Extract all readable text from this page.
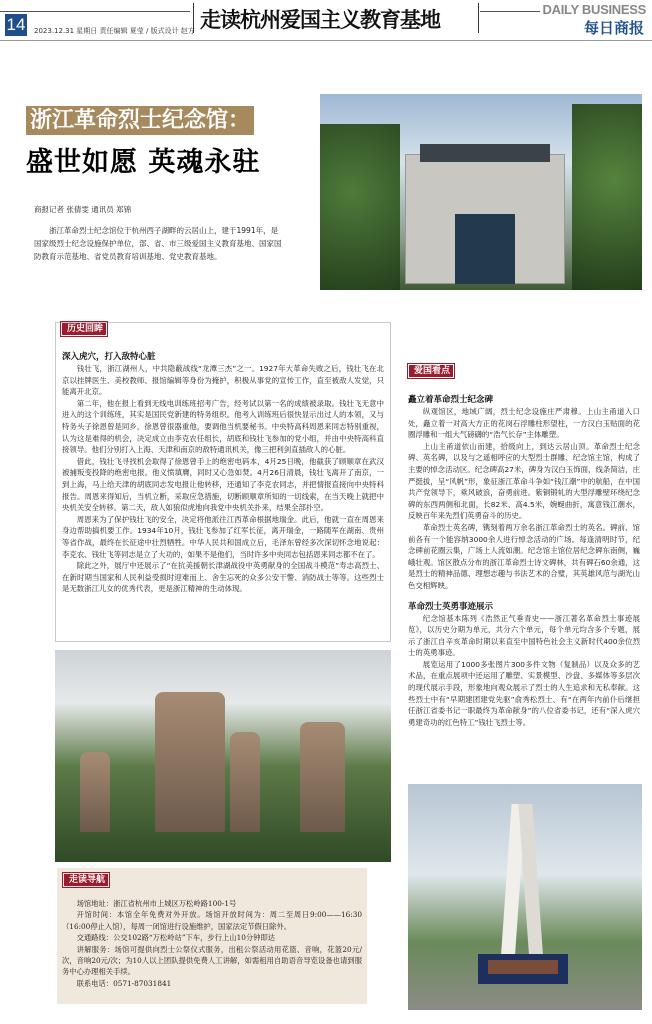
14 2023.12.31 星期日 责任编辑 夏莹 / 版式设计 赵方 走读杭州爱国主义教育基地	DAILY BUSINESS
每日商报
浙江革命烈士纪念馆：
盛世如愿 英魂永驻
商报记者 张倩雯 通讯员 郑锦
浙江革命烈士纪念馆位于杭州西子湖畔的云居山上，建于1991年，是国家级烈士纪念设施保护单位，部、省、市三级爱国主义教育基地、国家国防教育示范基地、省党员教育培训基地、党史教育基地。
历史回眸
深入虎穴，打入敌特心脏

钱壮飞，浙江湖州人，中共隐蔽战线“龙潭三杰”之一。1927年大革命失败之后，钱壮飞在北京以挂牌医生、美校教师、报馆编辑等身份为掩护，积极从事党的宣传工作，直至被敌人发觉，只能离开北京。

第二年，他在报上看到无线电训练班招考广告，经考试以第一名的成绩被录取。钱壮飞无意中进入的这个训练班，其实是国民党新建的特务组织。他考入训练班后很快显示出过人的本领，又与特务头子徐恩曾是同乡，徐恩曾很器重他，要调他当机要秘书。中央特高科周恩来同志特别重视，认为这是难得的机会，决定成立由李克农任组长，胡底和钱壮飞参加的党小组，并由中央特高科直接领导。他们分别打入上海、天津和南京的敌特通讯机关，像三把利剑直插敌人的心脏。

借此，钱壮飞寻找机会取得了徐恩曾手上的绝密电码本，4月25日晚，他截获了顾顺章在武汉被捕叛变投降的绝密电报。他义愤填膺，同时又心急如焚。4月26日清晨，钱壮飞离开了南京，一到上海，马上给天津的胡底同志发电报让他转移，还通知了李克农同志，并把情报直接向中央特科报告。周恩来得知后，当机立断，采取应急措施，切断顾顺章所知的一切线索，在当天晚上就把中央机关安全转移。第二天，敌人如狼似虎地向我党中央机关扑来，结果全部扑空。

周恩来为了保护钱壮飞的安全，决定将他派往江西革命根据地瑞金。此后，他就一直在周恩来身边帮助搞机要工作。1934年10月，钱壮飞参加了红军长征，离开瑞金，一路随军在湖南、贵州等省作战，最终在长征途中壮烈牺牲。中华人民共和国成立后，毛泽东曾经多次深切怀念地说起：李克农、钱壮飞等同志是立了大功的，如果不是他们，当时许多中央同志包括恩来同志都不在了。

除此之外，展厅中还展示了“在抗美援朝长津湖战役中英勇献身的全国战斗模范”寿志高烈士、在新时期当国家和人民利益受损时迎难而上、舍生忘死的众多公安干警、消防战士等等。这些烈士是无数浙江儿女的优秀代表，更是浙江精神的生动体现。

走读导航

场馆地址：浙江省杭州市上城区万松岭路100-1号

开馆时间：本馆全年免费对外开放。场馆开放时间为：周二至周日9:00——16:30（16:00停止入馆），每周一闭馆进行设施维护，国家法定节假日除外。

交通路线：公交102路“万松岭站”下车，步行上山10分钟即达

讲解服务：场馆可提供向烈士公祭仪式服务，出租公祭活动用花篮、音响，花篮20元/次，音响20元/次；为10人以上团队提供免费人工讲解，如需租用自助语音导览设备也请到服务中心办理相关手续。

联系电话：0571-87031841

爱国看点
矗立着革命烈士纪念碑

纵观馆区，地域广阔，烈士纪念设施庄严肃穆。上山主甬道入口处，矗立着一对高大方正的花岗石浮雕柱形望柱，一方汉白玉贴面的花圈浮雕和一组大气磅礴的“浩气长存”主体雕塑。

上山主甬道依山而建，拾级向上，到达云居山顶。革命烈士纪念碑、英名碑，以及与之遥相呼应的大型烈士群雕、纪念馆主馆，构成了主要的悼念活动区。纪念碑高27米，碑身为汉白玉饰面，线条简洁，庄严挺拔，呈“风帆”形，象征浙江革命斗争如“钱江潮”中的航船，在中国共产党领导下，乘风破浪，奋勇前进。紫铜锻轧的大型浮雕壁环绕纪念碑的东西两侧和北面，长82米、高4.5米，婉蜒曲折，寓意钱江潮水，反映百年来先烈们英勇奋斗的历史。

革命烈士英名碑，镌刻着两万余名浙江革命烈士的英名。碑前、馆前各有一个能容纳3000余人进行悼念活动的广场。每逢清明时节，纪念碑前花圈云集，广场上人流如潮。纪念馆主馆位居纪念碑东南侧，巍峨壮观。馆区散点分布的浙江革命烈士诗文碑林，共有碑石60余通，这是烈士的精神品德、理想志趣与书法艺术的合璧，其英雄风范与湖光山色交相辉映。

革命烈士英勇事迹展示

纪念馆基本陈列《浩然正气垂青史——浙江著名革命烈士事迹展览》，以历史分期为单元，共分六个单元，每个单元均含多个专题，展示了浙江自辛亥革命时期以来直至中国特色社会主义新时代400余位烈士的英勇事迹。

展览运用了1000多张图片300多件文物（复制品）以及众多的艺术品，在重点展项中还运用了雕塑、实景模型、沙盘、多媒体等多层次的现代展示手段，形象地向观众展示了烈士的人生追求和无私奉献。这些烈士中有“早期建团建党先驱”俞秀松烈士、有“在两年内前仆后继担任浙江省委书记一职最终为革命献身”的八位省委书记，还有“深入虎穴勇建奇功的红色特工”钱壮飞烈士等。
